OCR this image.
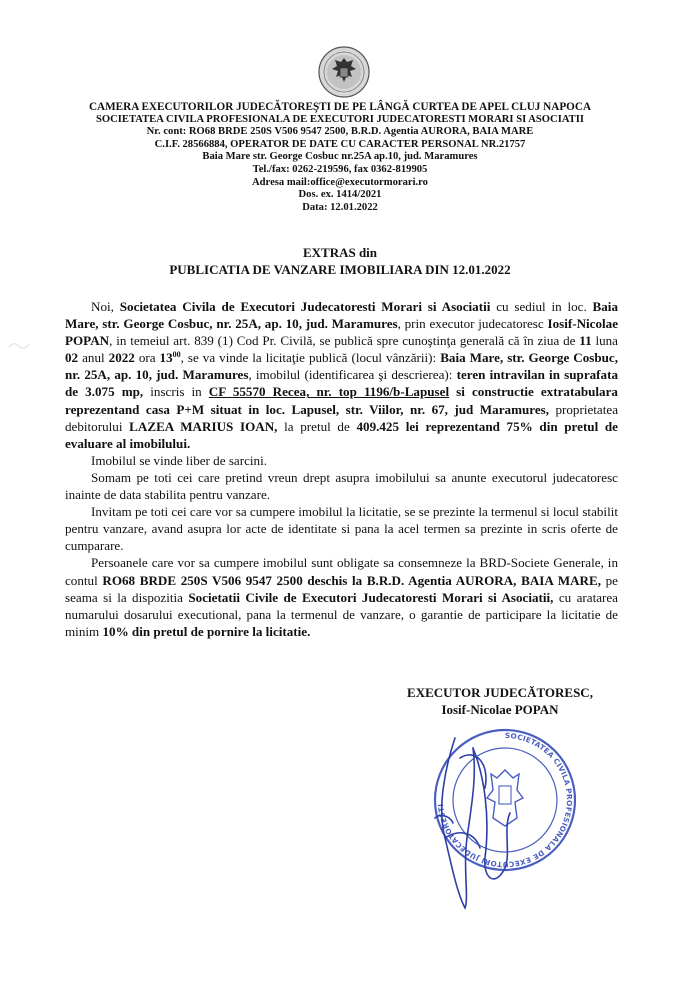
CAMERA EXECUTORILOR JUDECĂTOREŞTI DE PE LÂNGĂ CURTEA DE APEL CLUJ NAPOCA
SOCIETATEA CIVILA PROFESIONALA DE EXECUTORI JUDECATORESTI MORARI SI ASOCIATII
Nr. cont: RO68 BRDE 250S V506 9547 2500, B.R.D. Agentia AURORA, BAIA MARE
C.I.F. 28566884, OPERATOR DE DATE CU CARACTER PERSONAL NR.21757
Baia Mare str. George Cosbuc nr.25A ap.10, jud. Maramures
Tel./fax: 0262-219596, fax 0362-819905
Adresa mail:office@executormorari.ro
Dos. ex. 1414/2021
Data: 12.01.2022
EXTRAS din
PUBLICATIA DE VANZARE IMOBILIARA DIN 12.01.2022

Noi, Societatea Civila de Executori Judecatoresti Morari si Asociatii cu sediul in loc. Baia Mare, str. George Cosbuc, nr. 25A, ap. 10, jud. Maramures, prin executor judecatoresc Iosif-Nicolae POPAN, in temeiul art. 839 (1) Cod Pr. Civilă, se publică spre cunoştinţa generală că în ziua de 11 luna 02 anul 2022 ora $13^{00}$, se va vinde la licitaţie publică (locul vânzării): Baia Mare, str. George Cosbuc, nr. 25A, ap. 10, jud. Maramures, imobilul (identificarea şi descrierea): teren intravilan in suprafata de 3.075 mp, inscris in CF 55570 Recea, nr. top 1196/b-Lapusel si constructie extratabulara reprezentand casa P+M situat in loc. Lapusel, str. Viilor, nr. 67, jud Maramures, proprietatea debitorului LAZEA MARIUS IOAN, la pretul de 409.425 lei reprezentand 75% din pretul de evaluare al imobilului.

Imobilul se vinde liber de sarcini.

Somam pe toti cei care pretind vreun drept asupra imobilului sa anunte executorul judecatoresc inainte de data stabilita pentru vanzare.

Invitam pe toti cei care vor sa cumpere imobilul la licitatie, se se prezinte la termenul si locul stabilit pentru vanzare, avand asupra lor acte de identitate si pana la acel termen sa prezinte in scris oferte de cumparare.

Persoanele care vor sa cumpere imobilul sunt obligate sa consemneze la BRD-Societe Generale, in contul RO68 BRDE 250S V506 9547 2500 deschis la B.R.D. Agentia AURORA, BAIA MARE, pe seama si la dispozitia Societatii Civile de Executori Judecatoresti Morari si Asociatii, cu aratarea numarului dosarului executional, pana la termenul de vanzare, o garantie de participare la licitatie de minim 10% din pretul de pornire la licitatie.

EXECUTOR JUDECĂTORESC,
Iosif-Nicolae POPAN
SOCIETATEA CIVILA PROFESIONALA DE EXECUTORI JUDECATORESTI
